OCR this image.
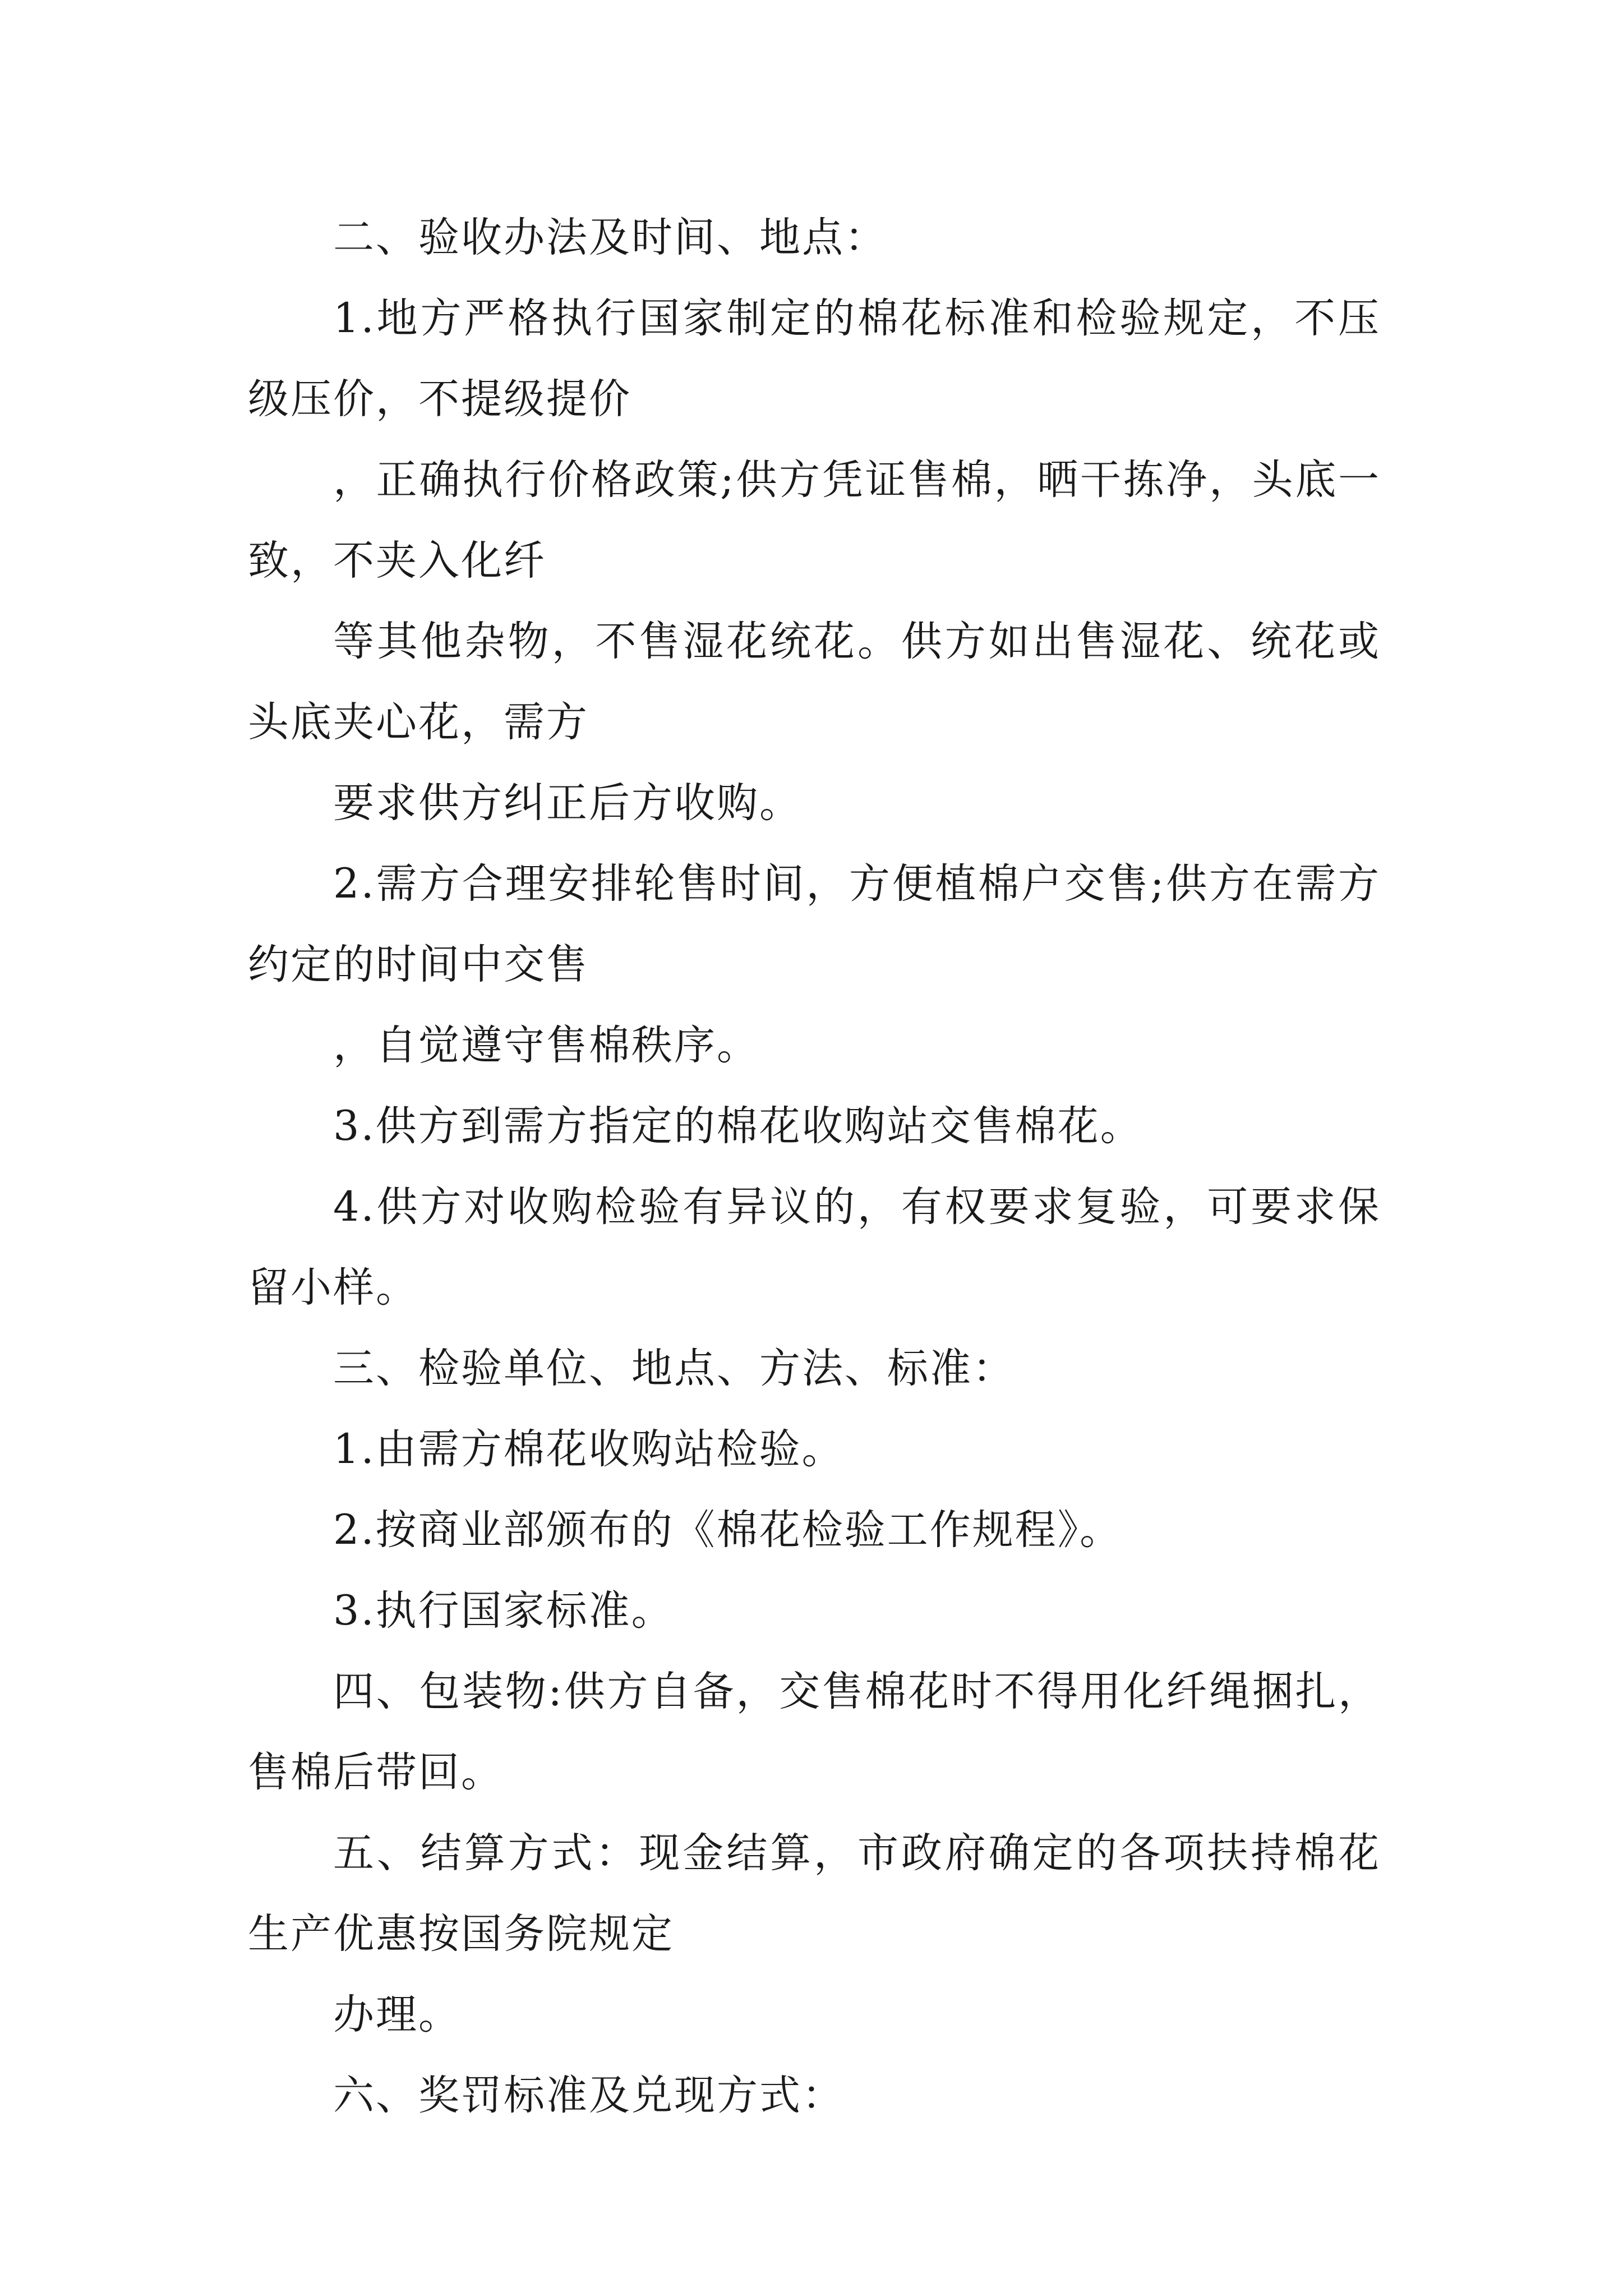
二、验收办法及时间、地点：

1.地方严格执行国家制定的棉花标准和检验规定，不压级压价，不提级提价

，正确执行价格政策;供方凭证售棉，晒干拣净，头底一致，不夹入化纤

等其他杂物，不售湿花统花。供方如出售湿花、统花或头底夹心花，需方

要求供方纠正后方收购。

2.需方合理安排轮售时间，方便植棉户交售;供方在需方约定的时间中交售

，自觉遵守售棉秩序。

3.供方到需方指定的棉花收购站交售棉花。

4.供方对收购检验有异议的，有权要求复验，可要求保留小样。

三、检验单位、地点、方法、标准：

1.由需方棉花收购站检验。

2.按商业部颁布的《棉花检验工作规程》。

3.执行国家标准。

四、包装物:供方自备，交售棉花时不得用化纤绳捆扎，售棉后带回。

五、结算方式：现金结算，市政府确定的各项扶持棉花生产优惠按国务院规定

办理。

六、奖罚标准及兑现方式：
